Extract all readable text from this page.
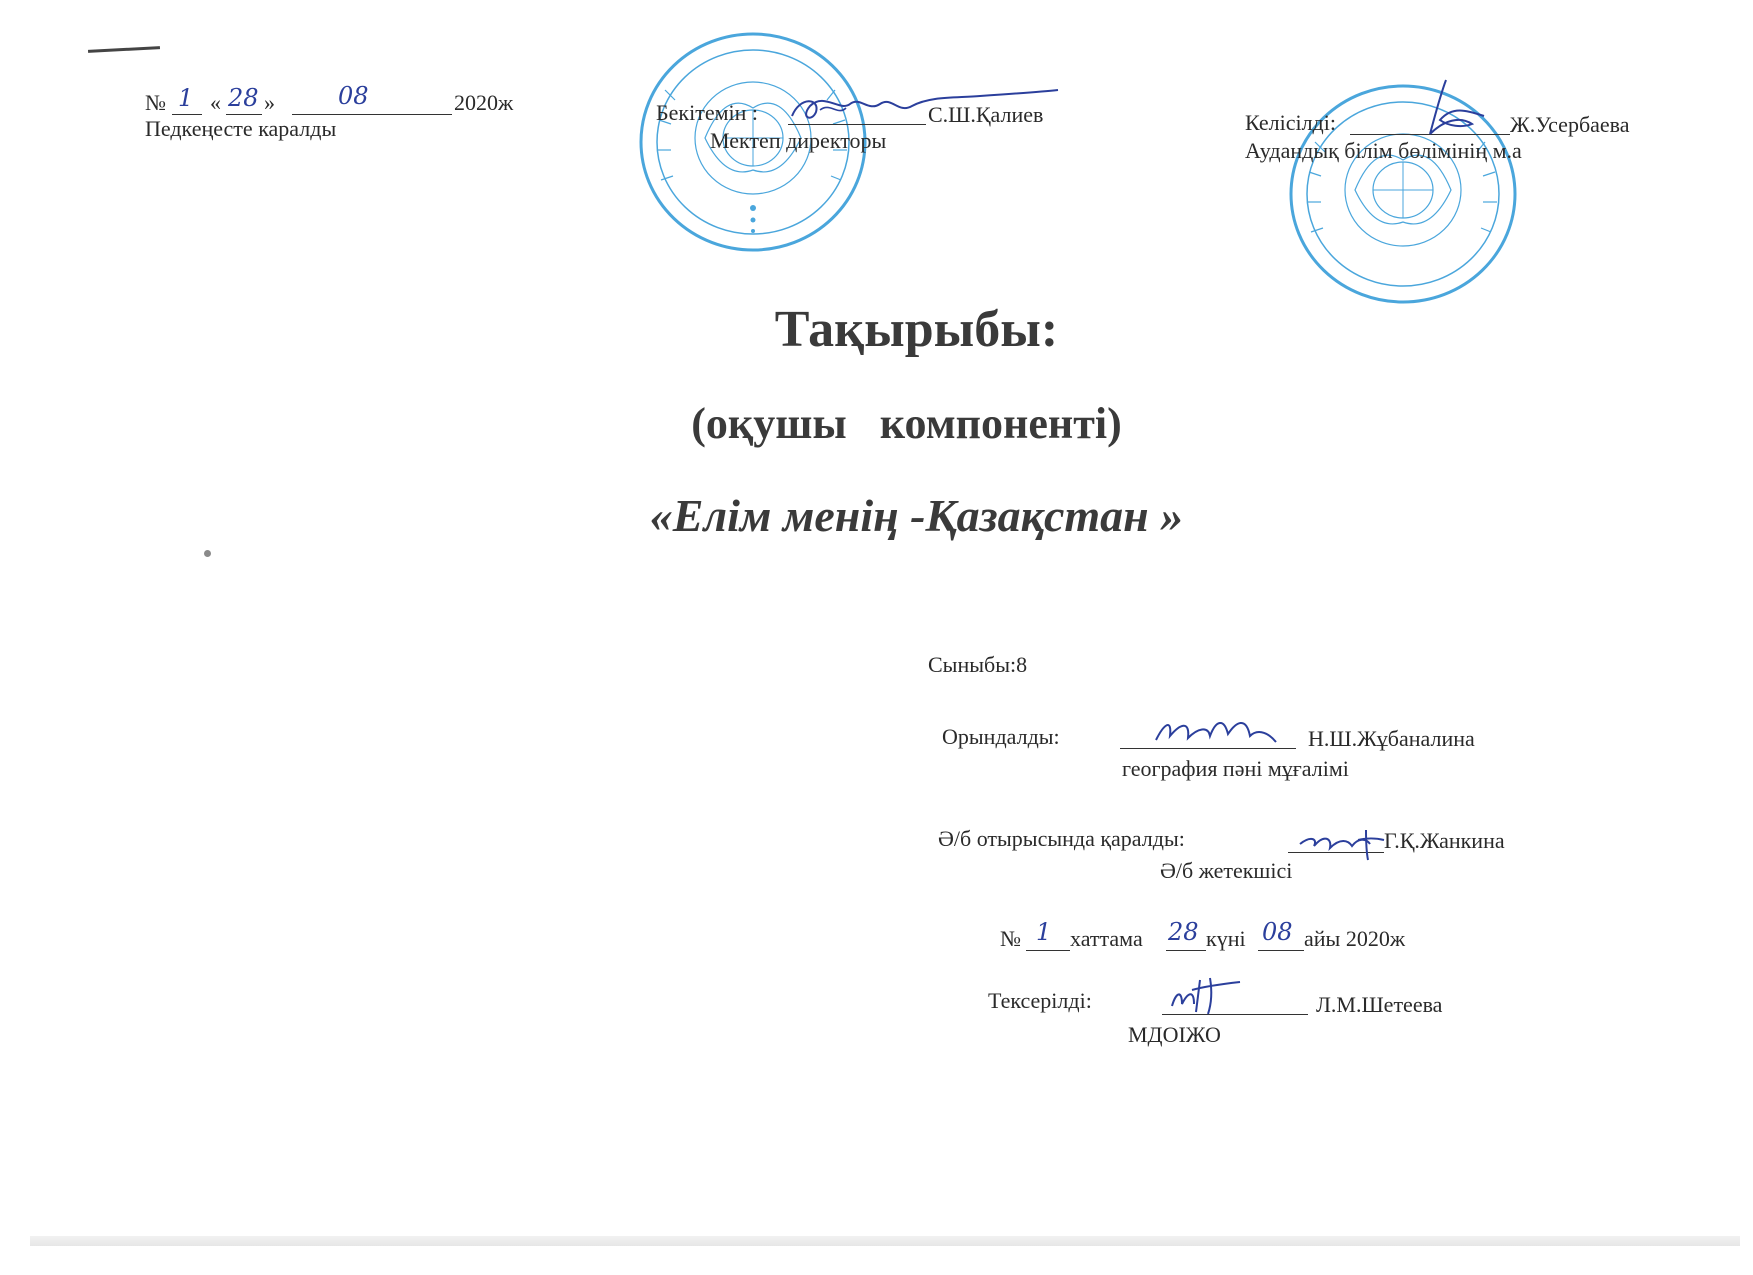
№ 1 « 28 »	08	2020ж
Педкеңесте каралды
Бекітемін :	С.Ш.Қалиев
Мектеп директоры
Келісілді:	Ж.Усербаева
Аудандық білім бөлімінің м.а
Тақырыбы:
(оқушы   компоненті)
«Елім менің -Қазақстан »
Сыныбы:8
Орындалды:	Н.Ш.Жұбаналина
география пәні мұғалімі
Ә/б отырысында қаралды:	Г.Қ.Жанкина
Ә/б жетекшісі
№ 1 хаттама 28 күні 08 айы 2020ж
Тексерілді:	Л.М.Шетеева
МДОІЖО
